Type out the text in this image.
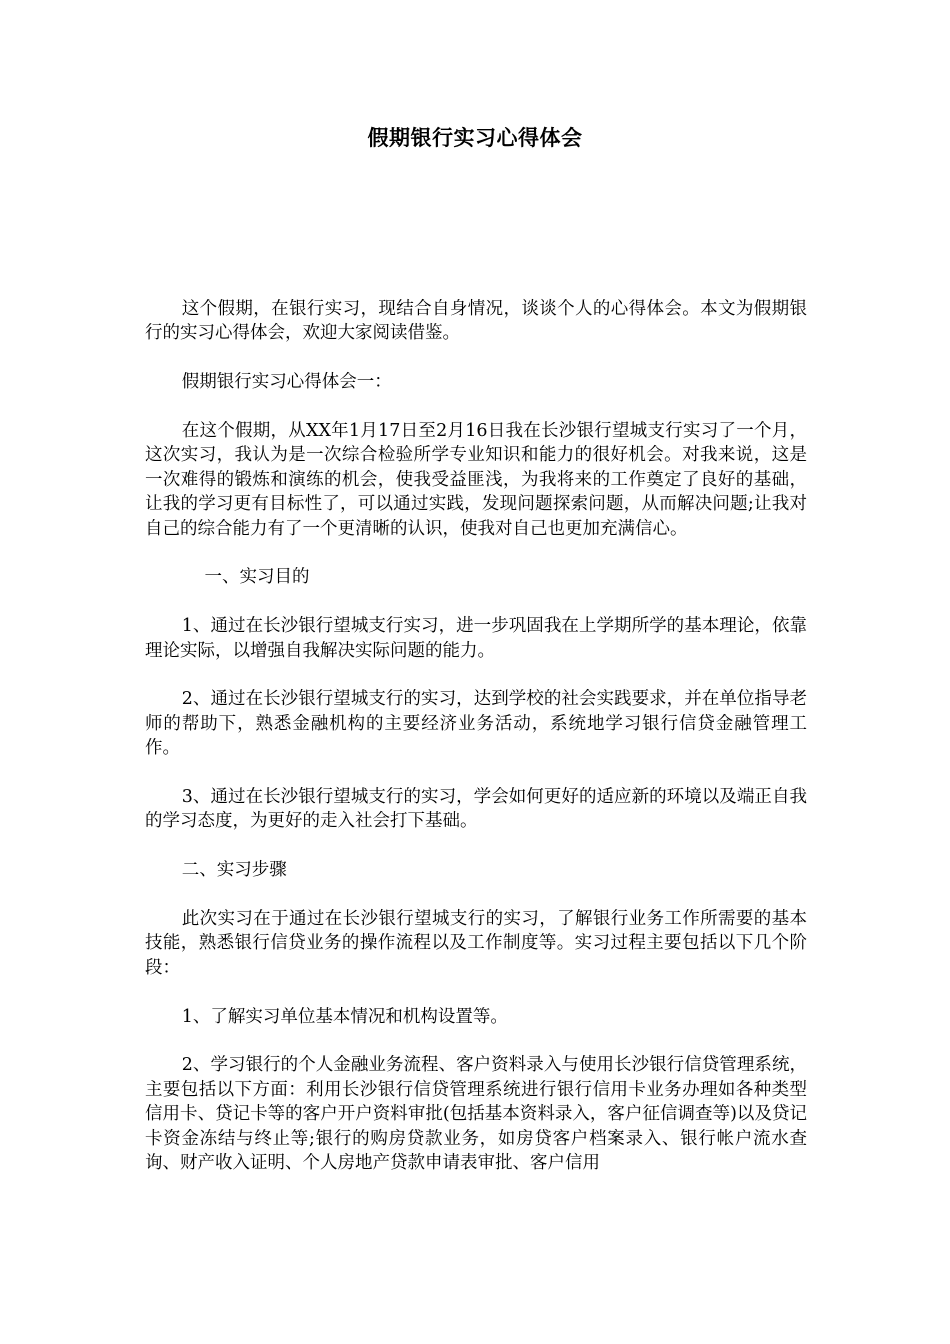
假期银行实习心得体会

这个假期，在银行实习，现结合自身情况，谈谈个人的心得体会。本文为假期银行的实习心得体会，欢迎大家阅读借鉴。

假期银行实习心得体会一：

在这个假期，从XX年1月17日至2月16日我在长沙银行望城支行实习了一个月，这次实习，我认为是一次综合检验所学专业知识和能力的很好机会。对我来说，这是一次难得的锻炼和演练的机会，使我受益匪浅，为我将来的工作奠定了良好的基础，让我的学习更有目标性了，可以通过实践，发现问题探索问题，从而解决问题;让我对自己的综合能力有了一个更清晰的认识，使我对自己也更加充满信心。

一、实习目的

1、通过在长沙银行望城支行实习，进一步巩固我在上学期所学的基本理论，依靠理论实际，以增强自我解决实际问题的能力。

2、通过在长沙银行望城支行的实习，达到学校的社会实践要求，并在单位指导老师的帮助下，熟悉金融机构的主要经济业务活动，系统地学习银行信贷金融管理工作。

3、通过在长沙银行望城支行的实习，学会如何更好的适应新的环境以及端正自我的学习态度，为更好的走入社会打下基础。

二、实习步骤

此次实习在于通过在长沙银行望城支行的实习，了解银行业务工作所需要的基本技能，熟悉银行信贷业务的操作流程以及工作制度等。实习过程主要包括以下几个阶段：

1、了解实习单位基本情况和机构设置等。

2、学习银行的个人金融业务流程、客户资料录入与使用长沙银行信贷管理系统，主要包括以下方面：利用长沙银行信贷管理系统进行银行信用卡业务办理如各种类型信用卡、贷记卡等的客户开户资料审批(包括基本资料录入，客户征信调查等)以及贷记卡资金冻结与终止等;银行的购房贷款业务，如房贷客户档案录入、银行帐户流水查询、财产收入证明、个人房地产贷款申请表审批、客户信用
